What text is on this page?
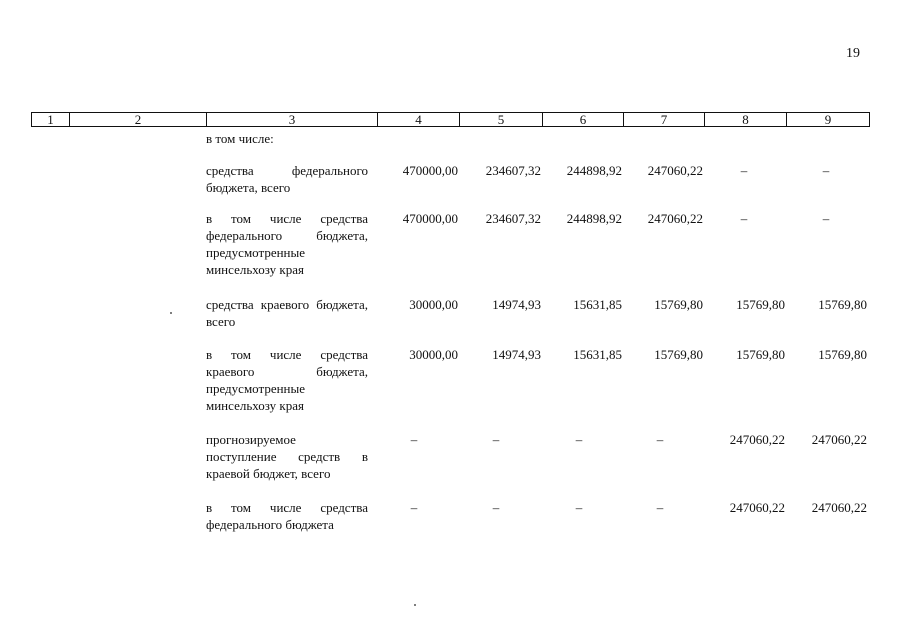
19
1	2	3	4	5	6	7	8	9
в том числе:
средства федерального бюджета, всего
470000,00	234607,32	244898,92	247060,22	–	–
в том числе средства федерального бюджета, предусмотренные минсельхозу края
470000,00	234607,32	244898,92	247060,22	–	–
средства краевого бюджета, всего
30000,00	14974,93	15631,85	15769,80	15769,80	15769,80
в том числе средства краевого бюджета, предусмотренные минсельхозу края
30000,00	14974,93	15631,85	15769,80	15769,80	15769,80
прогнозируемое поступление средств в краевой бюджет, всего
–	–	–	–	247060,22	247060,22
в том числе средства федерального бюджета
–	–	–	–	247060,22	247060,22
